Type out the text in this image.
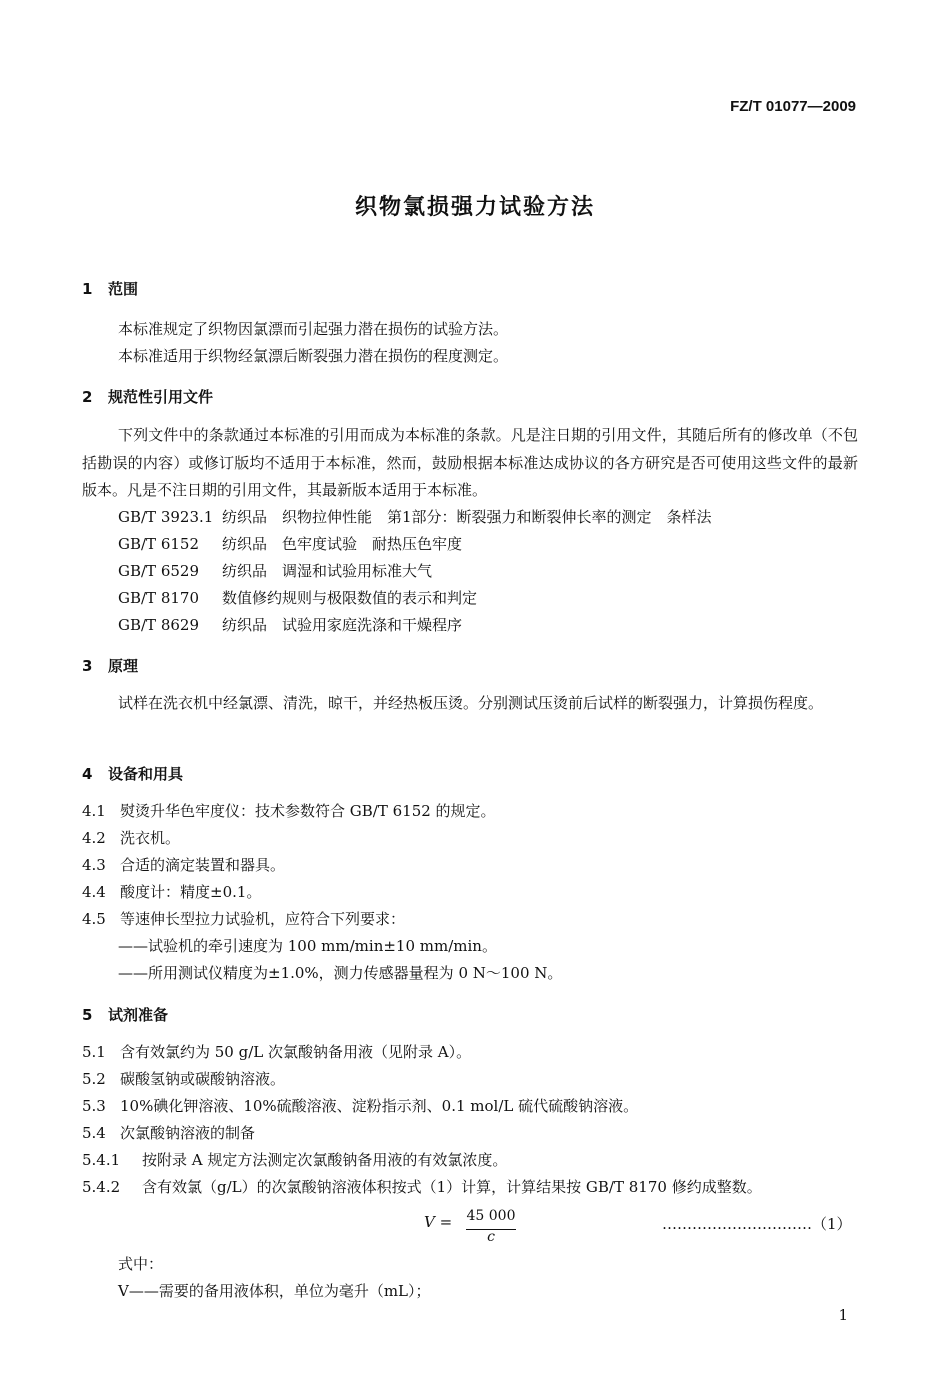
FZ/T 01077—2009
织物氯损强力试验方法
1 范围
本标准规定了织物因氯漂而引起强力潜在损伤的试验方法。
本标准适用于织物经氯漂后断裂强力潜在损伤的程度测定。
2 规范性引用文件
下列文件中的条款通过本标准的引用而成为本标准的条款。凡是注日期的引用文件，其随后所有的修改单（不包括勘误的内容）或修订版均不适用于本标准，然而，鼓励根据本标准达成协议的各方研究是否可使用这些文件的最新版本。凡是不注日期的引用文件，其最新版本适用于本标准。
GB/T 3923.1 纺织品　织物拉伸性能　第1部分：断裂强力和断裂伸长率的测定　条样法
GB/T 6152 纺织品　色牢度试验　耐热压色牢度
GB/T 6529 纺织品　调湿和试验用标准大气
GB/T 8170 数值修约规则与极限数值的表示和判定
GB/T 8629 纺织品　试验用家庭洗涤和干燥程序
3 原理
试样在洗衣机中经氯漂、清洗，晾干，并经热板压烫。分别测试压烫前后试样的断裂强力，计算损伤程度。
4 设备和用具
4.1 熨烫升华色牢度仪：技术参数符合 GB/T 6152 的规定。
4.2 洗衣机。
4.3 合适的滴定装置和器具。
4.4 酸度计：精度±0.1。
4.5 等速伸长型拉力试验机，应符合下列要求：
——试验机的牵引速度为 100 mm/min±10 mm/min。
——所用测试仪精度为±1.0%，测力传感器量程为 0 N～100 N。
5 试剂准备
5.1 含有效氯约为 50 g/L 次氯酸钠备用液（见附录 A）。
5.2 碳酸氢钠或碳酸钠溶液。
5.3 10%碘化钾溶液、10%硫酸溶液、淀粉指示剂、0.1 mol/L 硫代硫酸钠溶液。
5.4 次氯酸钠溶液的制备
5.4.1 按附录 A 规定方法测定次氯酸钠备用液的有效氯浓度。
5.4.2 含有效氯（g/L）的次氯酸钠溶液体积按式（1）计算，计算结果按 GB/T 8170 修约成整数。
V = 45 000
c
…………………………（1）
式中：
V——需要的备用液体积，单位为毫升（mL）；
1
